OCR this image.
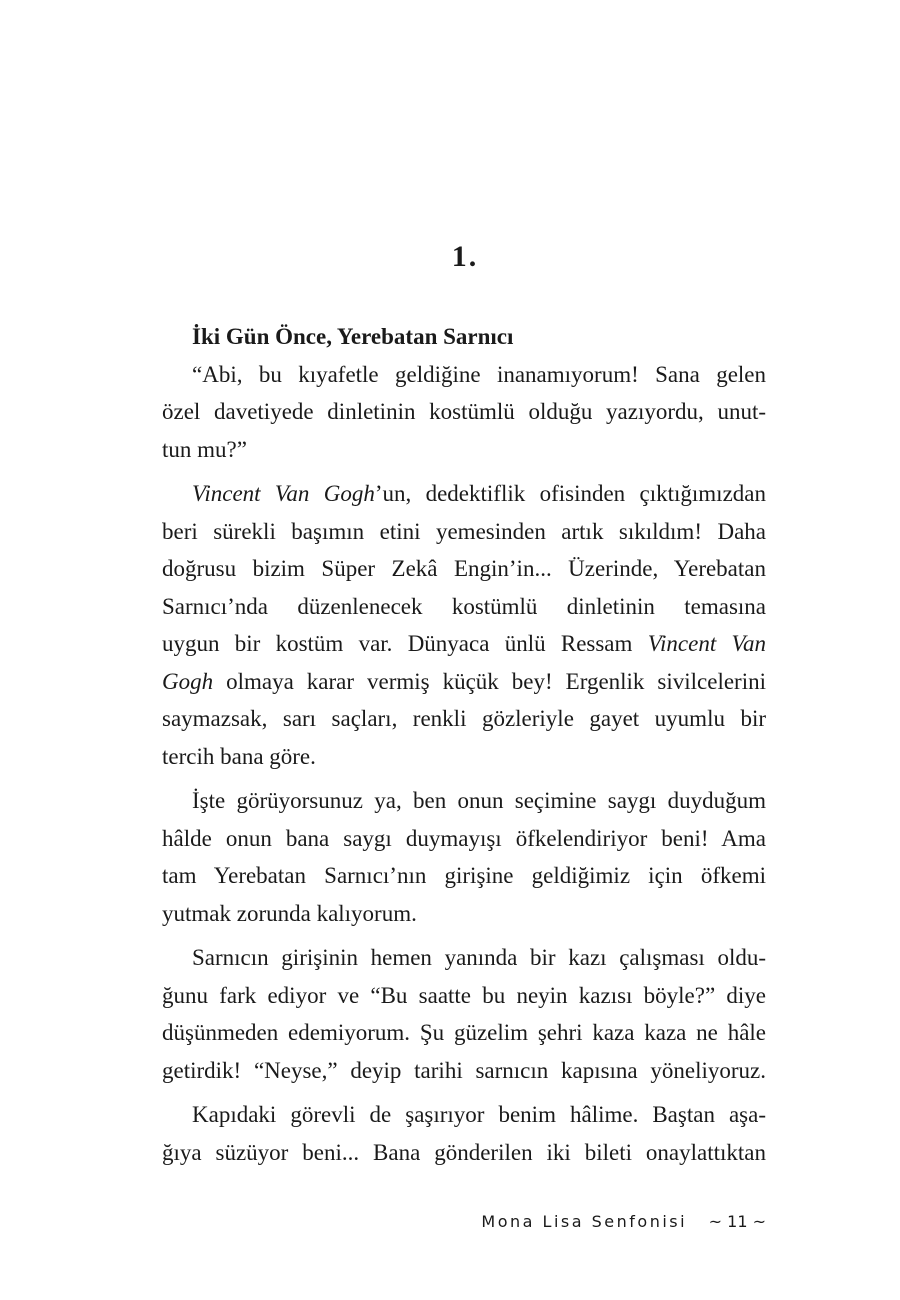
1.
İki Gün Önce, Yerebatan Sarnıcı
“Abi, bu kıyafetle geldiğine inanamıyorum! Sana gelen
özel davetiyede dinletinin kostümlü olduğu yazıyordu, unut-
tun mu?”
Vincent Van Gogh’un, dedektiflik ofisinden çıktığımızdan
beri sürekli başımın etini yemesinden artık sıkıldım! Daha
doğrusu bizim Süper Zekâ Engin’in... Üzerinde, Yerebatan
Sarnıcı’nda düzenlenecek kostümlü dinletinin temasına
uygun bir kostüm var. Dünyaca ünlü Ressam Vincent Van
Gogh olmaya karar vermiş küçük bey! Ergenlik sivilcelerini
saymazsak, sarı saçları, renkli gözleriyle gayet uyumlu bir
tercih bana göre.
İşte görüyorsunuz ya, ben onun seçimine saygı duyduğum
hâlde onun bana saygı duymayışı öfkelendiriyor beni! Ama
tam Yerebatan Sarnıcı’nın girişine geldiğimiz için öfkemi
yutmak zorunda kalıyorum.
Sarnıcın girişinin hemen yanında bir kazı çalışması oldu-
ğunu fark ediyor ve “Bu saatte bu neyin kazısı böyle?” diye
düşünmeden edemiyorum. Şu güzelim şehri kaza kaza ne hâle
getirdik! “Neyse,” deyip tarihi sarnıcın kapısına yöneliyoruz.
Kapıdaki görevli de şaşırıyor benim hâlime. Baştan aşa-
ğıya süzüyor beni... Bana gönderilen iki bileti onaylattıktan
Mona Lisa Senfonisi ~ 11 ~
